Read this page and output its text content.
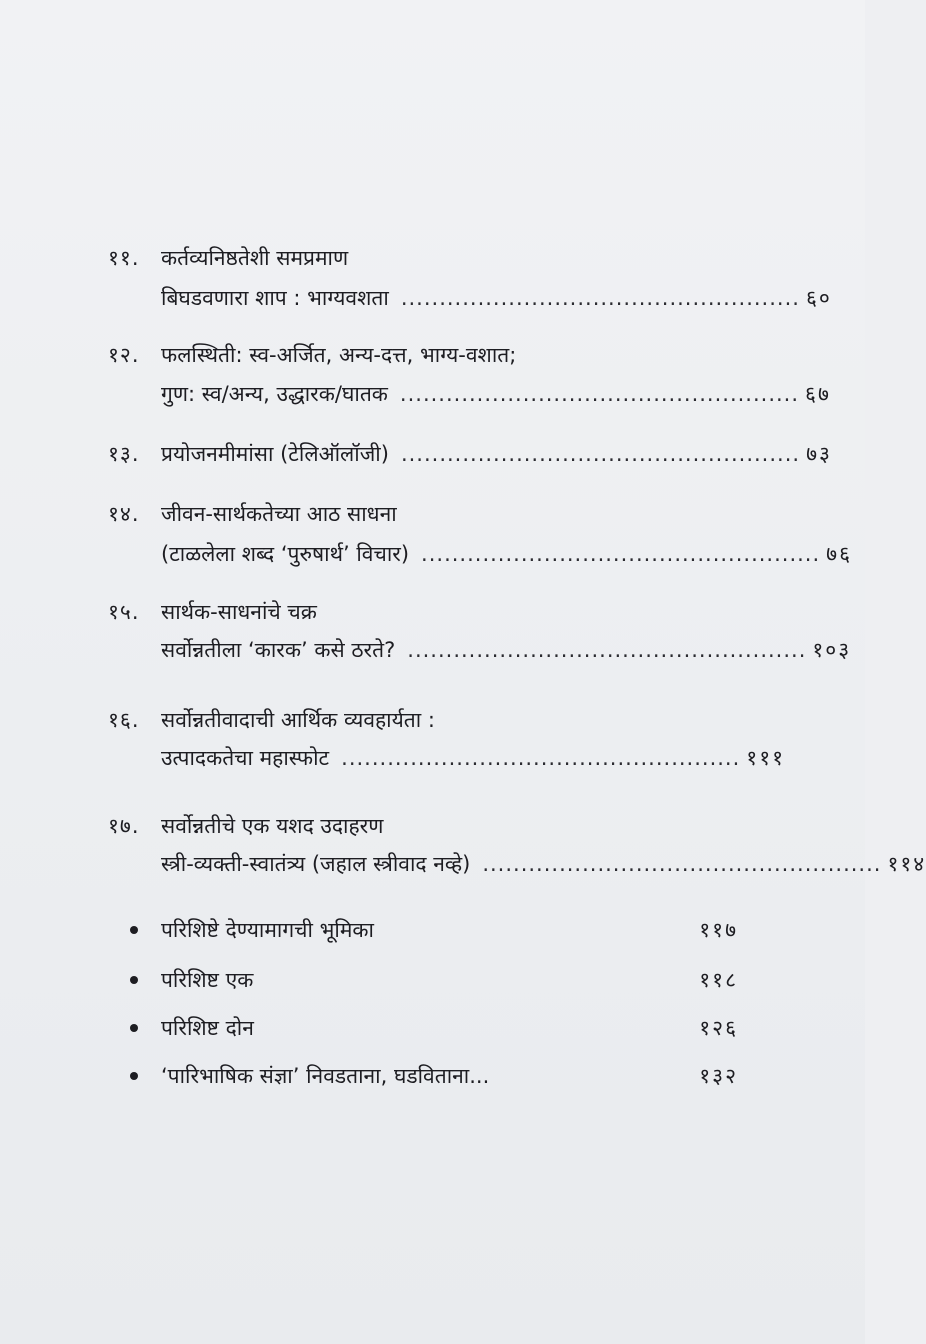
११. कर्तव्यनिष्ठतेशी समप्रमाण
बिघडवणारा शाप : भाग्यवशता .................................................... ६०
१२. फलस्थिती: स्व-अर्जित, अन्य-दत्त, भाग्य-वशात;
गुण: स्व/अन्य, उद्धारक/घातक .................................................... ६७
१३. प्रयोजनमीमांसा (टेलिऑलॉजी) .................................................... ७३
१४. जीवन-सार्थकतेच्या आठ साधना
(टाळलेला शब्द ‘पुरुषार्थ’ विचार) .................................................... ७६
१५. सार्थक-साधनांचे चक्र
सर्वोन्नतीला ‘कारक’ कसे ठरते? .................................................... १०३
१६. सर्वोन्नतीवादाची आर्थिक व्यवहार्यता :
उत्पादकतेचा महास्फोट .................................................... १११
१७. सर्वोन्नतीचे एक यशद उदाहरण
स्त्री-व्यक्ती-स्वातंत्र्य (जहाल स्त्रीवाद नव्हे) .................................................... ११४
परिशिष्टे देण्यामागची भूमिका	११७
परिशिष्ट एक	११८
परिशिष्ट दोन	१२६
‘पारिभाषिक संज्ञा’ निवडताना, घडविताना...	१३२
